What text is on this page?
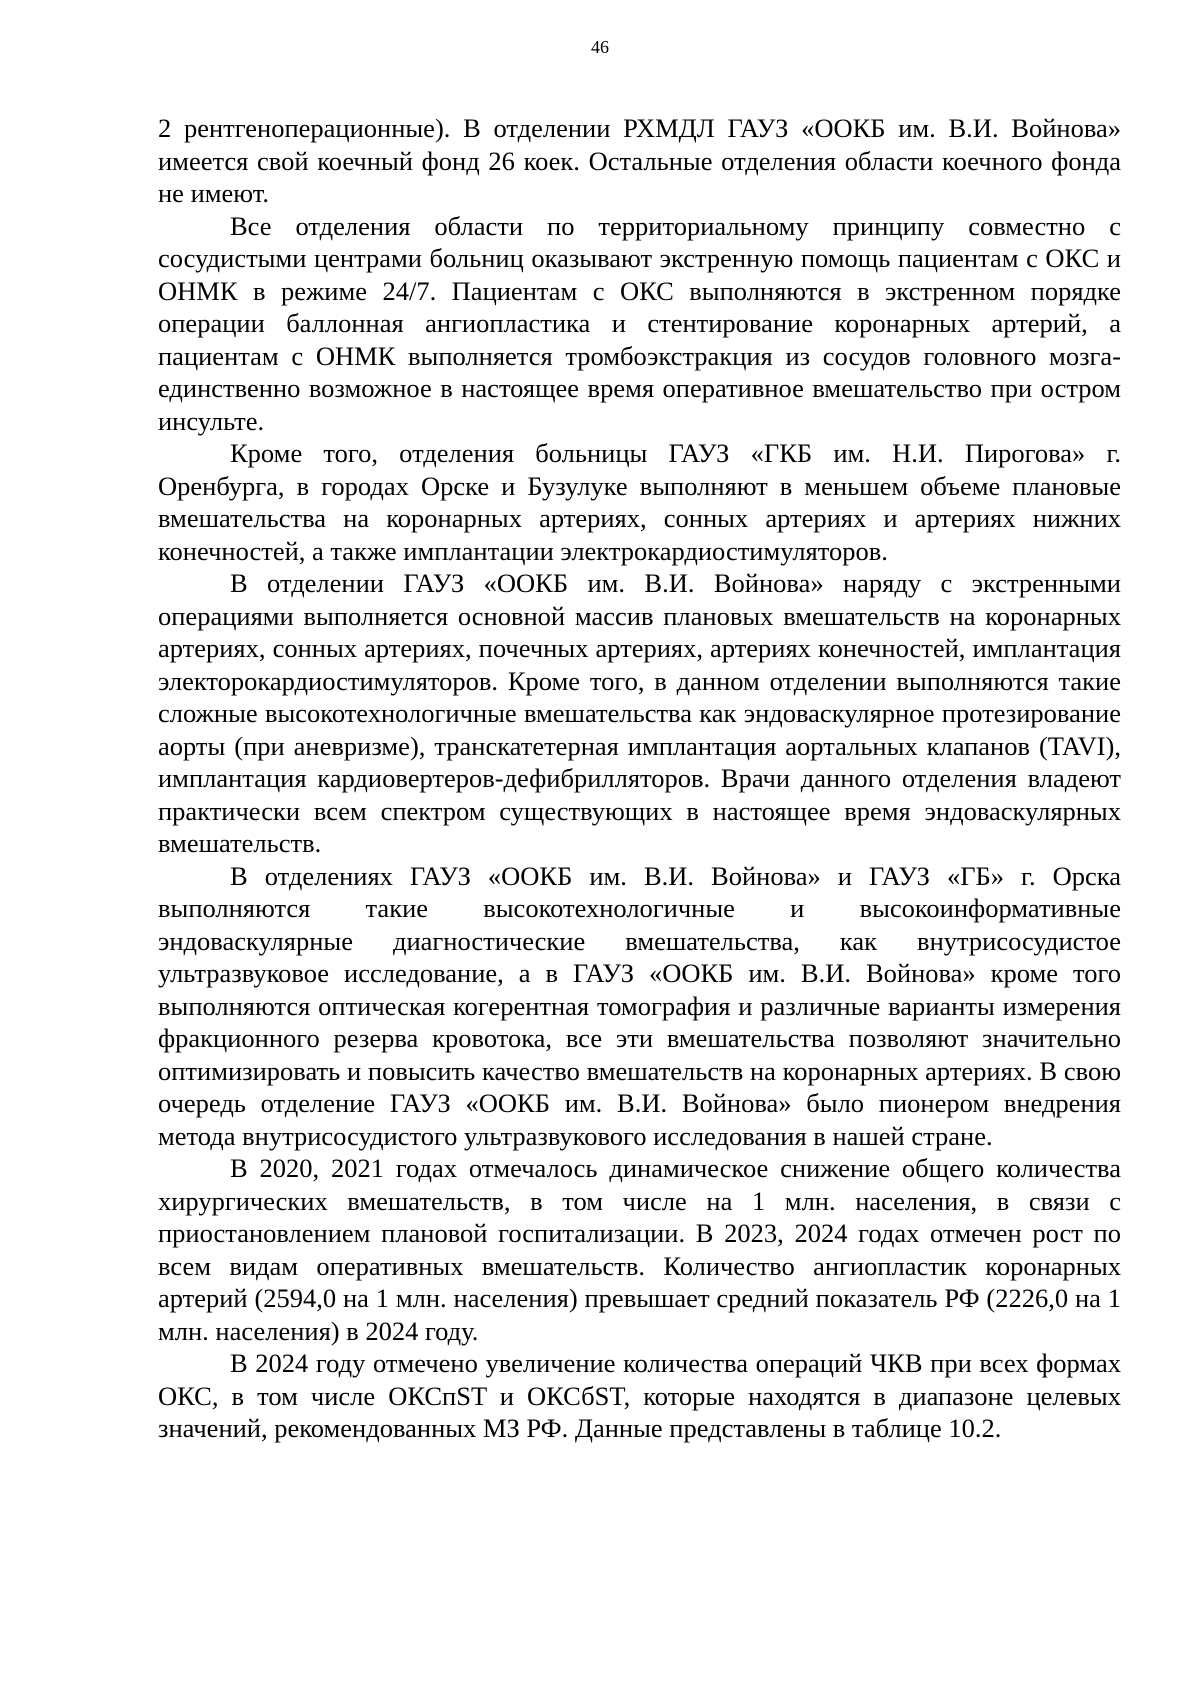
46

2 рентгеноперационные). В отделении РХМДЛ ГАУЗ «ООКБ им. В.И. Войнова» имеется свой коечный фонд 26 коек. Остальные отделения области коечного фонда не имеют.

Все отделения области по территориальному принципу совместно с сосудистыми центрами больниц оказывают экстренную помощь пациентам с ОКС и ОНМК в режиме 24/7. Пациентам с ОКС выполняются в экстренном порядке операции баллонная ангиопластика и стентирование коронарных артерий, а пациентам с ОНМК выполняется тромбоэкстракция из сосудов головного мозга-единственно возможное в настоящее время оперативное вмешательство при остром инсульте.

Кроме того, отделения больницы ГАУЗ «ГКБ им. Н.И. Пирогова» г. Оренбурга, в городах Орске и Бузулуке выполняют в меньшем объеме плановые вмешательства на коронарных артериях, сонных артериях и артериях нижних конечностей, а также имплантации электрокардиостимуляторов.

В отделении ГАУЗ «ООКБ им. В.И. Войнова» наряду с экстренными операциями выполняется основной массив плановых вмешательств на коронарных артериях, сонных артериях, почечных артериях, артериях конечностей, имплантация электорокардиостимуляторов. Кроме того, в данном отделении выполняются такие сложные высокотехнологичные вмешательства как эндоваскулярное протезирование аорты (при аневризме), транскатетерная имплантация аортальных клапанов (TAVI), имплантация кардиовертеров-дефибрилляторов. Врачи данного отделения владеют практически всем спектром существующих в настоящее время эндоваскулярных вмешательств.

В отделениях ГАУЗ «ООКБ им. В.И. Войнова» и ГАУЗ «ГБ» г. Орска выполняются такие высокотехнологичные и высокоинформативные эндоваскулярные диагностические вмешательства, как внутрисосудистое ультразвуковое исследование, а в ГАУЗ «ООКБ им. В.И. Войнова» кроме того выполняются оптическая когерентная томография и различные варианты измерения фракционного резерва кровотока, все эти вмешательства позволяют значительно оптимизировать и повысить качество вмешательств на коронарных артериях. В свою очередь отделение ГАУЗ «ООКБ им. В.И. Войнова» было пионером внедрения метода внутрисосудистого ультразвукового исследования в нашей стране.

В 2020, 2021 годах отмечалось динамическое снижение общего количества хирургических вмешательств, в том числе на 1 млн. населения, в связи с приостановлением плановой госпитализации. В 2023, 2024 годах отмечен рост по всем видам оперативных вмешательств. Количество ангиопластик коронарных артерий (2594,0 на 1 млн. населения) превышает средний показатель РФ (2226,0 на 1 млн. населения) в 2024 году.

В 2024 году отмечено увеличение количества операций ЧКВ при всех формах ОКС, в том числе ОКСпST и ОКСбST, которые находятся в диапазоне целевых значений, рекомендованных МЗ РФ. Данные представлены в таблице 10.2.
